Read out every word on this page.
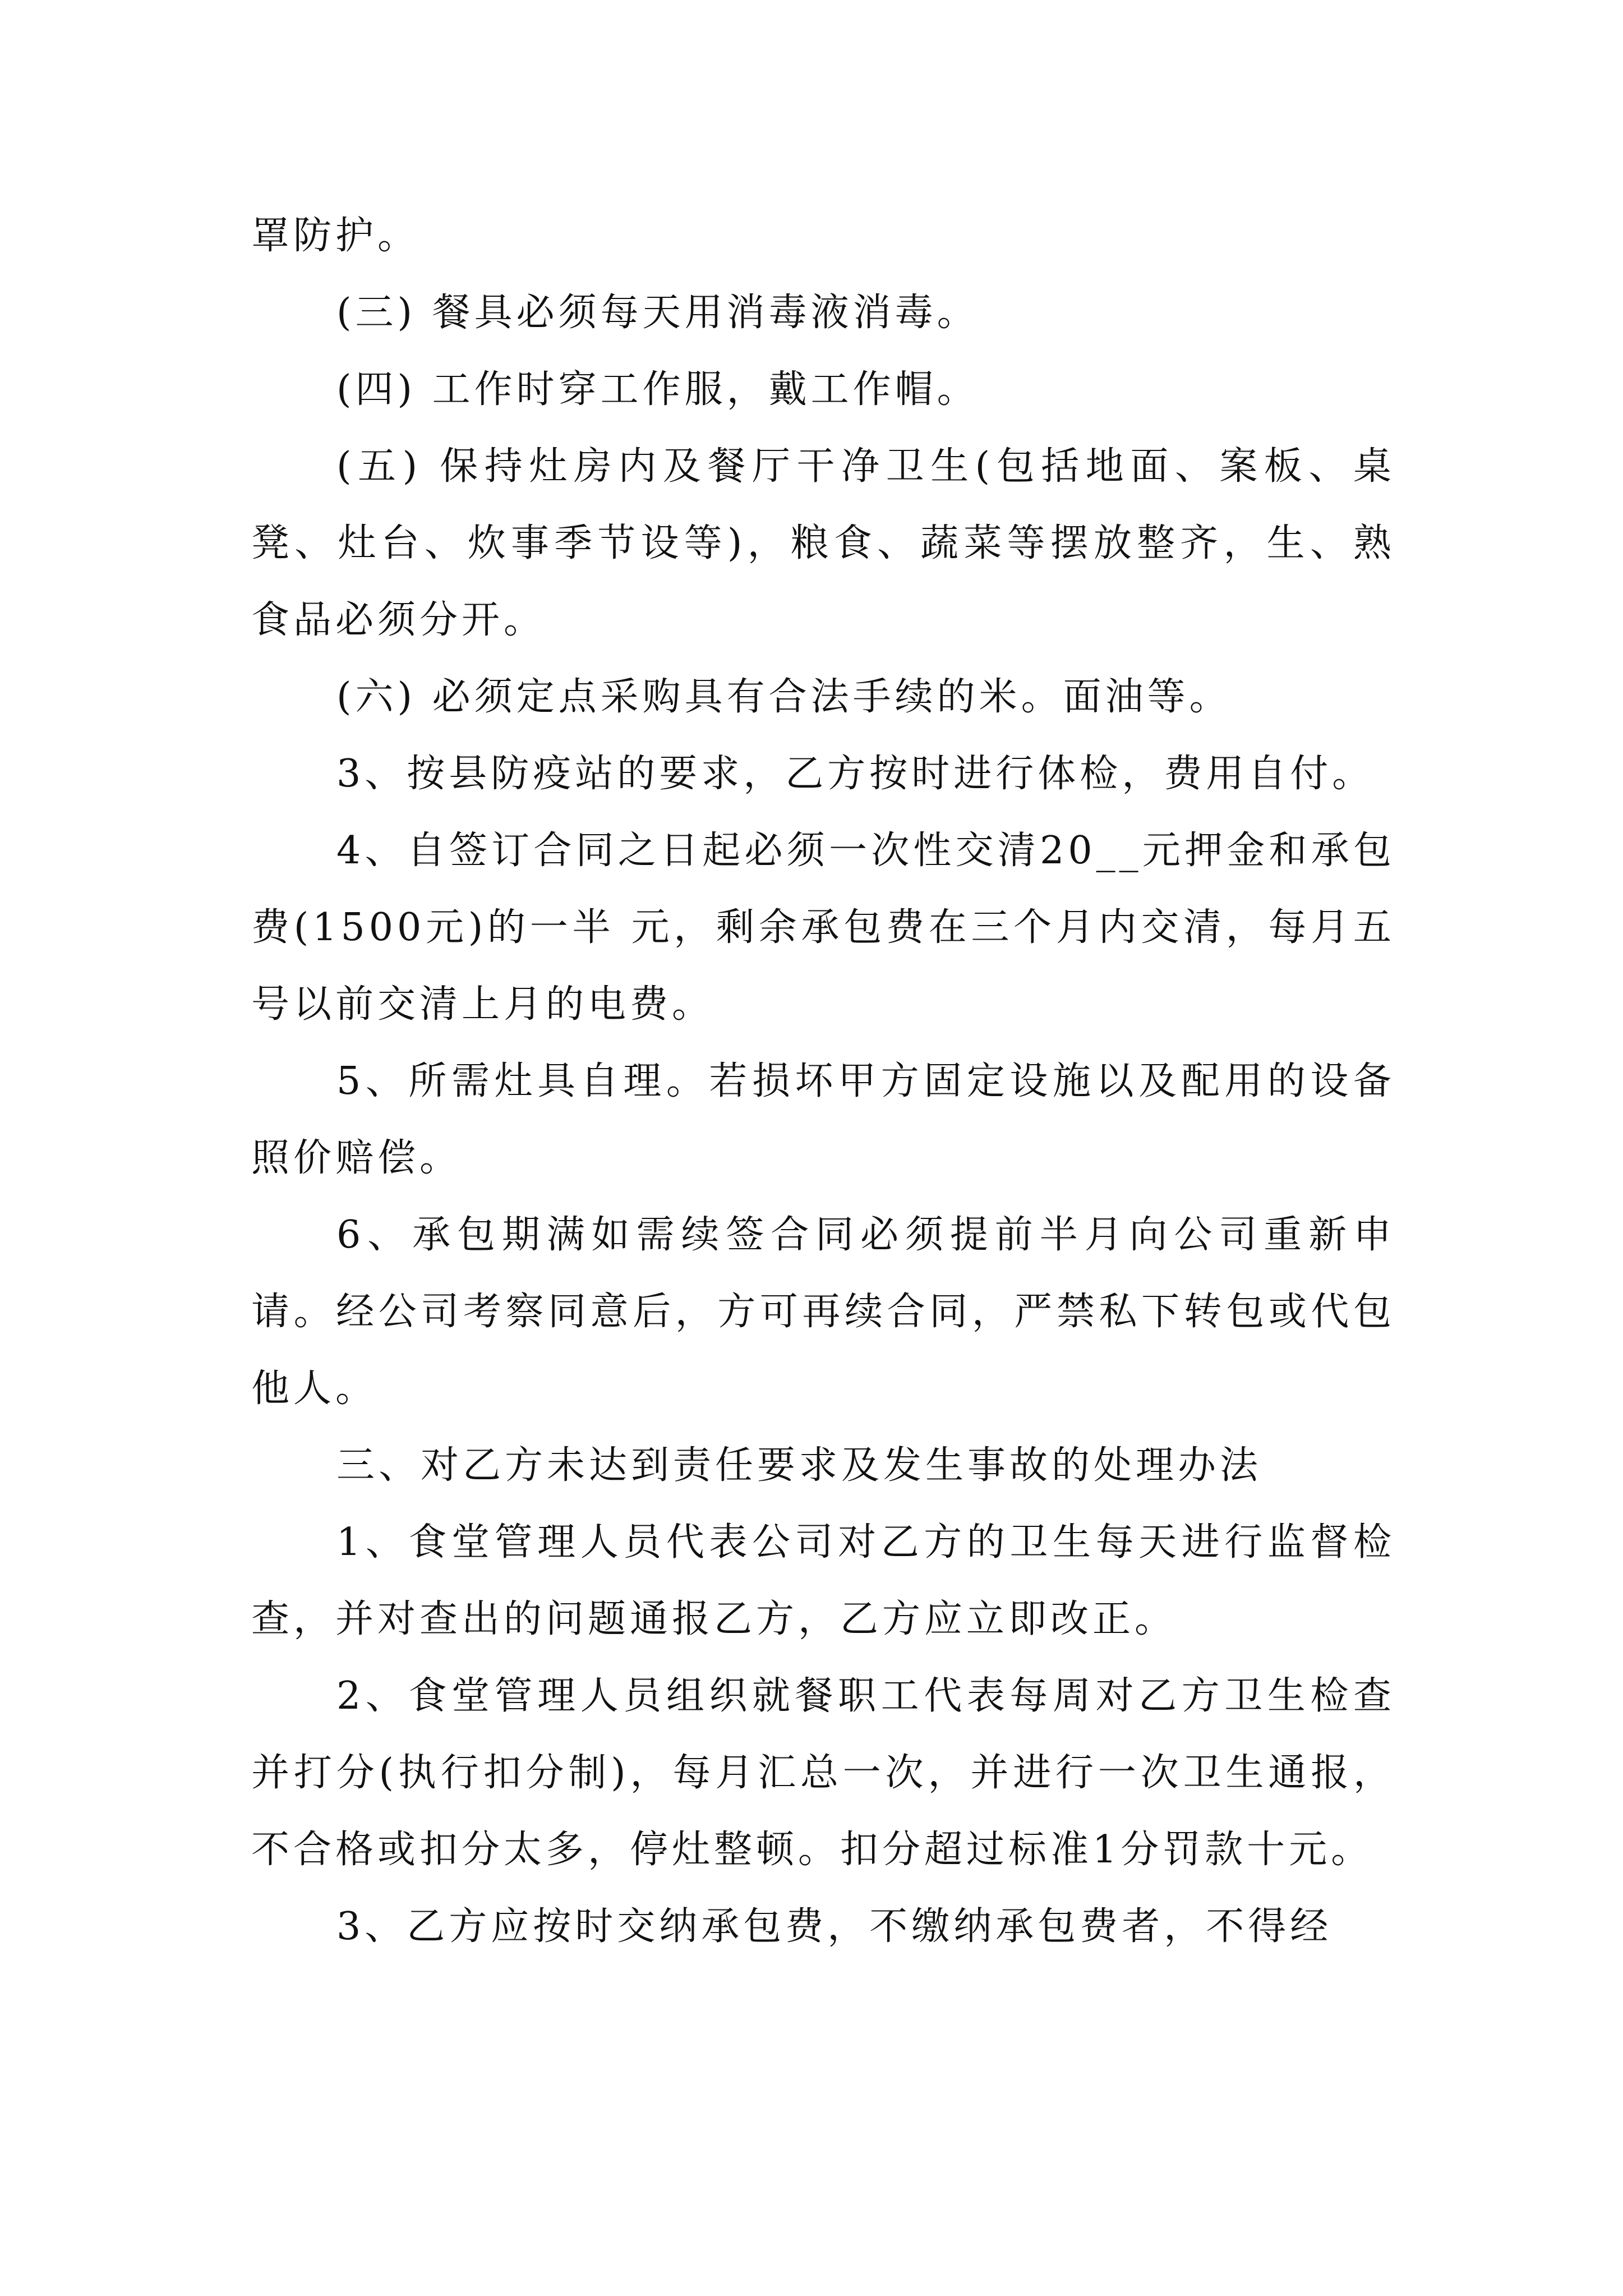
罩防护。

(三) 餐具必须每天用消毒液消毒。

(四) 工作时穿工作服，戴工作帽。

(五) 保持灶房内及餐厅干净卫生(包括地面、案板、桌凳、灶台、炊事季节设等)，粮食、蔬菜等摆放整齐，生、熟食品必须分开。

(六) 必须定点采购具有合法手续的米。面油等。

3、按县防疫站的要求，乙方按时进行体检，费用自付。

4、自签订合同之日起必须一次性交清20__元押金和承包费(1500元)的一半 元，剩余承包费在三个月内交清，每月五号以前交清上月的电费。

5、所需灶具自理。若损坏甲方固定设施以及配用的设备照价赔偿。

6、承包期满如需续签合同必须提前半月向公司重新申请。经公司考察同意后，方可再续合同，严禁私下转包或代包他人。

三、对乙方未达到责任要求及发生事故的处理办法

1、食堂管理人员代表公司对乙方的卫生每天进行监督检查，并对查出的问题通报乙方，乙方应立即改正。

2、食堂管理人员组织就餐职工代表每周对乙方卫生检查并打分(执行扣分制)，每月汇总一次，并进行一次卫生通报，不合格或扣分太多，停灶整顿。扣分超过标准1分罚款十元。

3、乙方应按时交纳承包费，不缴纳承包费者，不得经
